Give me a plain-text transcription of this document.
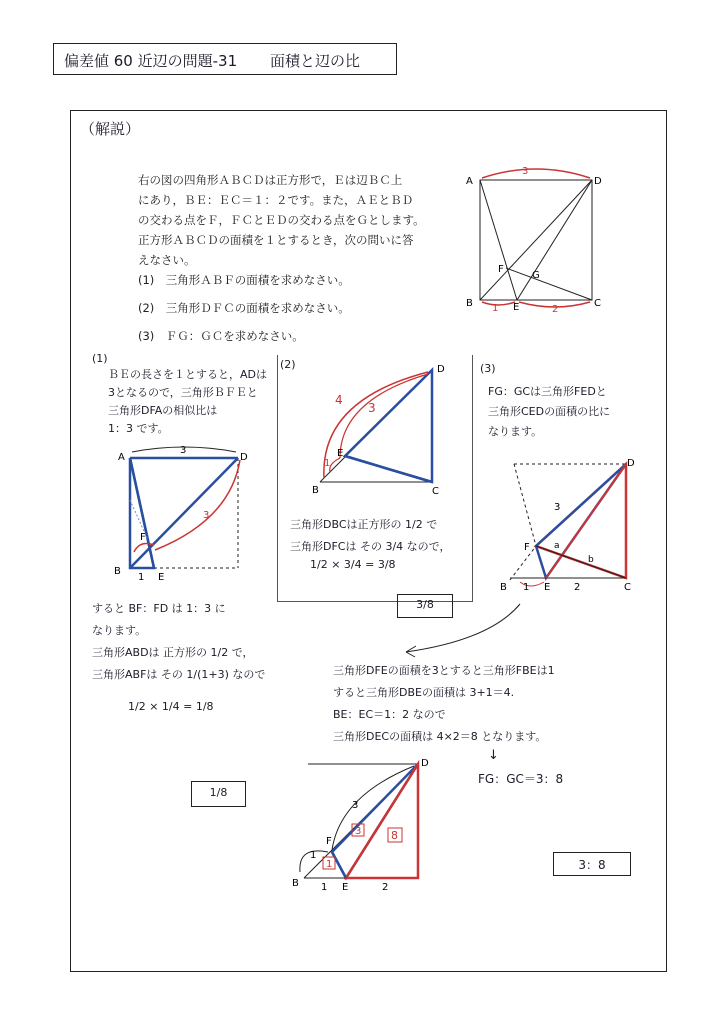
偏差値 60 近辺の問題-31 面積と辺の比
（解説）
右の図の四角形ＡＢＣＤは正方形で，Ｅは辺ＢＣ上
にあり，ＢＥ：ＥＣ＝１：２です。また，ＡＥとＢＤ
の交わる点をＦ，ＦＣとＥＤの交わる点をＧとします。
正方形ＡＢＣＤの面積を１とするとき，次の問いに答
えなさい。
(1)　 三角形ＡＢＦの面積を求めなさい。
(2)　 三角形ＤＦＣの面積を求めなさい。
(3)　 ＦＧ：ＧＣを求めなさい。
A
B	C
D
E
F
G
3
1	2
(1)
ＢＥの長さを１とすると，ADは
3となるので，三角形ＢＦＥと
三角形DFAの相似比は
1：3 です。
A
B
D
E
F
3
1
3
すると BF：FD は 1：3 に
なります。
三角形ABDは 正方形の 1/2 で，
三角形ABFは その 1/(1+3) なので
1/2 × 1/4 = 1/8
1/8
(2)
B	C
D
E
4
3
1
三角形DBCは正方形の 1/2 で
三角形DFCは その 3/4 なので，
1/2 × 3/4 = 3/8
3/8
(3)
FG：GCは三角形FEDと
三角形CEDの面積の比に
なります。
B	C
D
E
F	a
b
3
1	2
三角形DFEの面積を3とすると三角形FBEは1
すると三角形DBEの面積は 3+1＝4.
BE：EC＝1：2 なので
三角形DECの面積は 4×2＝8 となります。
↓
FG：GC＝3：8
B
D
E
F
1
1	2
3
1
3	8
3：8
